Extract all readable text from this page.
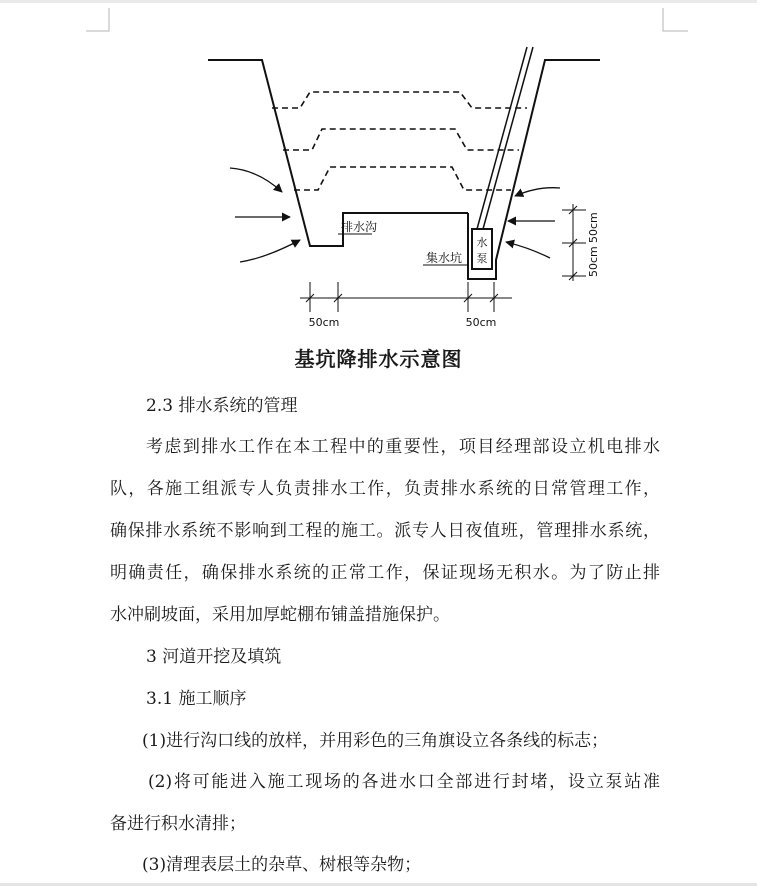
水
泵
排水沟
集水坑
50cm
50cm
50cm	50cm
基坑降排水示意图
2.3 排水系统的管理
考虑到排水工作在本工程中的重要性，项目经理部设立机电排水
队，各施工组派专人负责排水工作，负责排水系统的日常管理工作，
确保排水系统不影响到工程的施工。派专人日夜值班，管理排水系统，
明确责任，确保排水系统的正常工作，保证现场无积水。为了防止排
水冲刷坡面，采用加厚蛇棚布铺盖措施保护。
3 河道开挖及填筑
3.1 施工顺序
(1)进行沟口线的放样，并用彩色的三角旗设立各条线的标志；
(2)将可能进入施工现场的各进水口全部进行封堵，设立泵站准
备进行积水清排；
(3)清理表层土的杂草、树根等杂物；
